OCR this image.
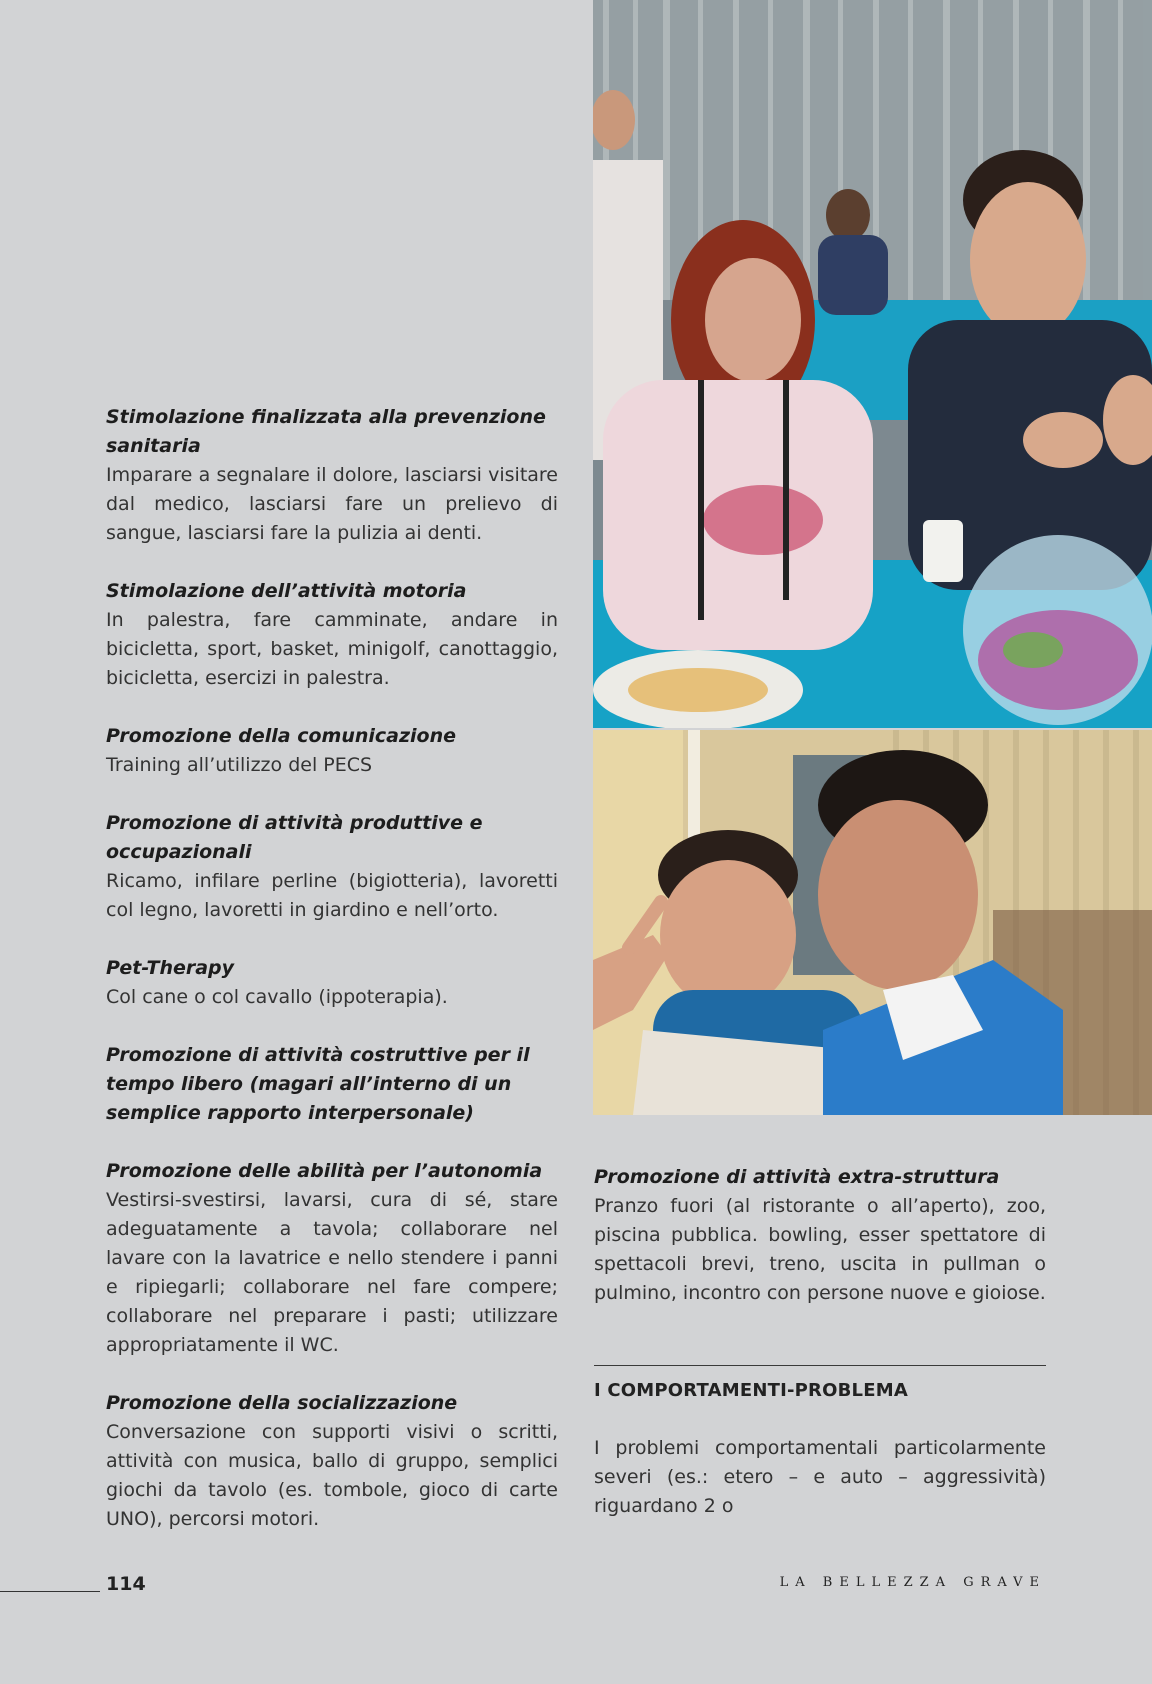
Stimolazione finalizzata alla prevenzione sanitaria

Imparare a segnalare il dolore, lasciarsi visitare dal medico, lasciarsi fare un prelievo di sangue, lasciarsi fare la pulizia ai denti.

Stimolazione dell’attività motoria

In palestra, fare camminate, andare in bicicletta, sport, basket, minigolf, canottaggio, bicicletta, esercizi in palestra.

Promozione della comunicazione

Training all’utilizzo del PECS

Promozione di attività produttive e occupazionali

Ricamo, infilare perline (bigiotteria), lavoretti col legno, lavoretti in giardino e nell’orto.

Pet-Therapy

Col cane o col cavallo (ippoterapia).

Promozione di attività costruttive per il tempo libero (magari all’interno di un semplice rapporto interpersonale)

Promozione delle abilità per l’autonomia

Vestirsi-svestirsi, lavarsi, cura di sé, stare adeguatamente a tavola; collaborare nel lavare con la lavatrice e nello stendere i panni e ripiegarli; collaborare nel fare compere; collaborare nel preparare i pasti; utilizzare appropriatamente il WC.

Promozione della socializzazione

Conversazione con supporti visivi o scritti, attività con musica, ballo di gruppo, semplici giochi da tavolo (es. tombole, gioco di carte UNO), percorsi motori.

Promozione di attività extra-struttura

Pranzo fuori (al ristorante o all’aperto), zoo, piscina pubblica. bowling, esser spettatore di spettacoli brevi, treno, uscita in pullman o pulmino, incontro con persone nuove e gioiose.

I COMPORTAMENTI-PROBLEMA

I problemi comportamentali particolarmente severi (es.: etero – e auto – aggressività) riguardano 2 o

114	LA BELLEZZA GRAVE
